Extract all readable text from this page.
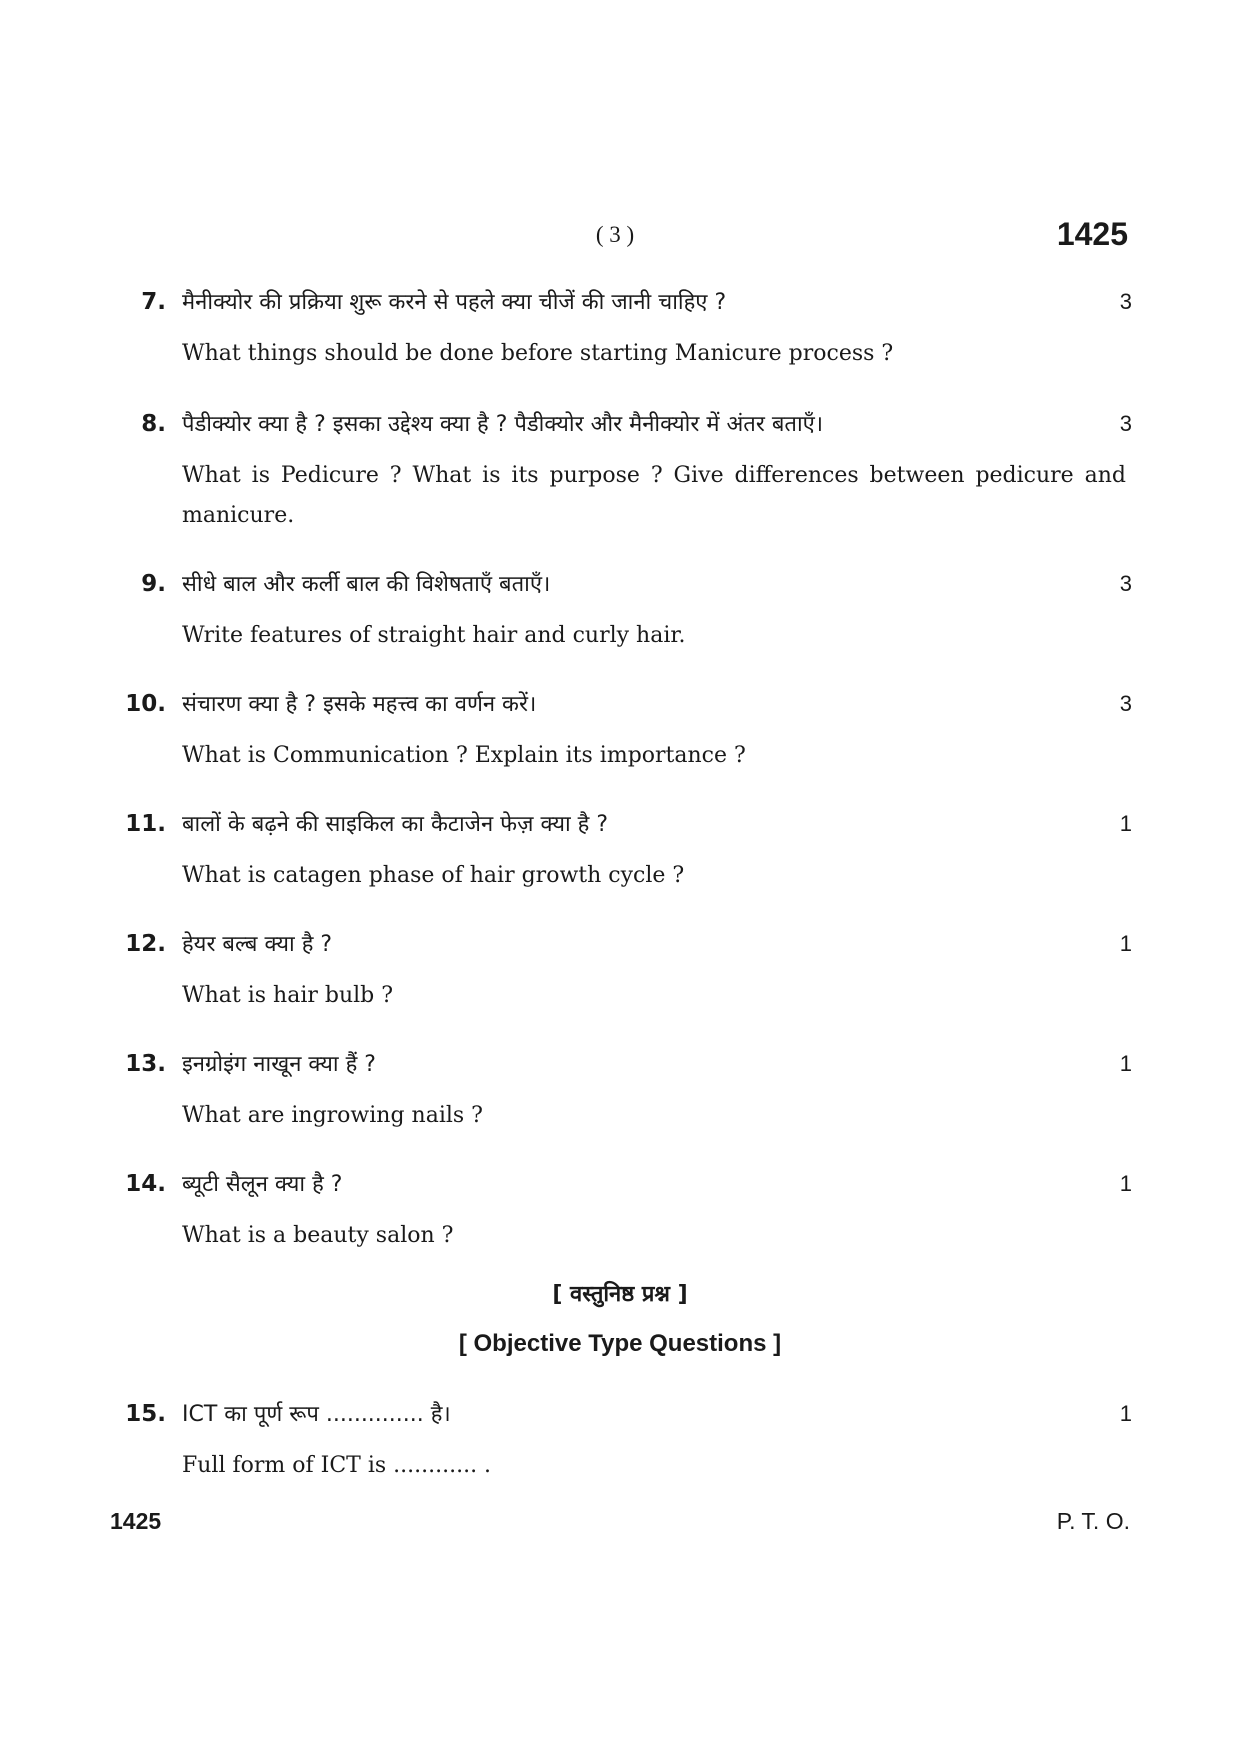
( 3 )	1425
7. मैनीक्योर की प्रक्रिया शुरू करने से पहले क्या चीजें की जानी चाहिए ?	3
What things should be done before starting Manicure process ?
8. पैडीक्योर क्या है ? इसका उद्देश्य क्या है ? पैडीक्योर और मैनीक्योर में अंतर बताएँ।	3
What is Pedicure ? What is its purpose ? Give differences between pedicure and manicure.
9. सीधे बाल और कर्ली बाल की विशेषताएँ बताएँ।	3
Write features of straight hair and curly hair.
10. संचारण क्या है ? इसके महत्त्व का वर्णन करें।	3
What is Communication ? Explain its importance ?
11. बालों के बढ़ने की साइकिल का कैटाजेन फेज़ क्या है ?	1
What is catagen phase of hair growth cycle ?
12. हेयर बल्ब क्या है ?	1
What is hair bulb ?
13. इनग्रोइंग नाखून क्या हैं ?	1
What are ingrowing nails ?
14. ब्यूटी सैलून क्या है ?	1
What is a beauty salon ?
[ वस्तुनिष्ठ प्रश्न ]
[ Objective Type Questions ]
15. ICT का पूर्ण रूप .............. है।	1
Full form of ICT is ............ .
1425	P. T. O.
